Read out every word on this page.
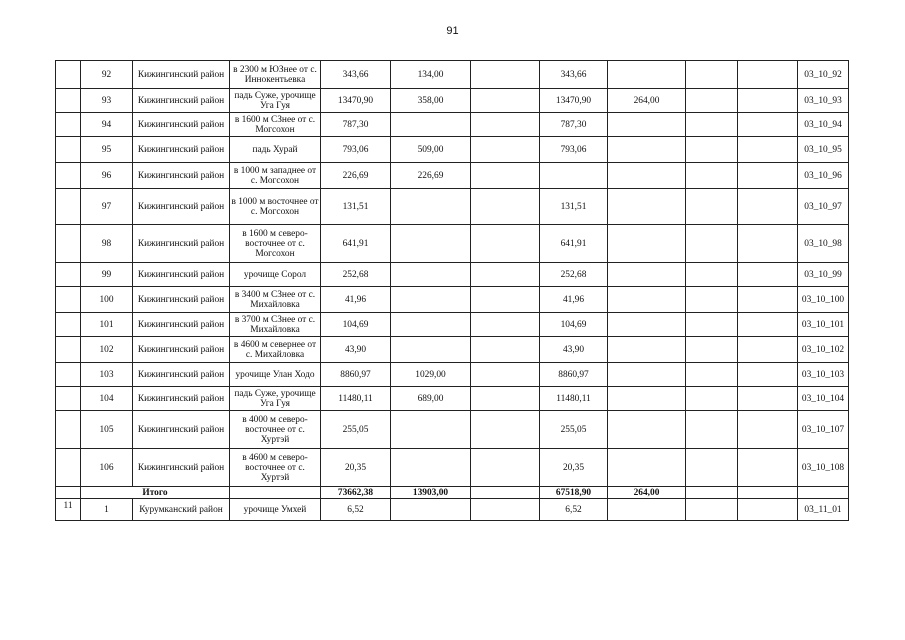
91
	92	Кижингинский район	в 2300 м ЮЗнее от с. Иннокентьевка	343,66	134,00		343,66				03_10_92
	93	Кижингинский район	падь Суже, урочище Уга Гуя	13470,90	358,00		13470,90	264,00			03_10_93
	94	Кижингинский район	в 1600 м СЗнее от с. Могсохон	787,30			787,30				03_10_94
	95	Кижингинский район	падь Хурай	793,06	509,00		793,06				03_10_95
	96	Кижингинский район	в 1000 м западнее от с. Могсохон	226,69	226,69						03_10_96
	97	Кижингинский район	в 1000 м восточнее от с. Могсохон	131,51			131,51				03_10_97
	98	Кижингинский район	в 1600 м северо-восточнее от с. Могсохон	641,91			641,91				03_10_98
	99	Кижингинский район	урочище Сорол	252,68			252,68				03_10_99
	100	Кижингинский район	в 3400 м СЗнее от с. Михайловка	41,96			41,96				03_10_100
	101	Кижингинский район	в 3700 м СЗнее от с. Михайловка	104,69			104,69				03_10_101
	102	Кижингинский район	в 4600 м севернее от с. Михайловка	43,90			43,90				03_10_102
	103	Кижингинский район	урочище Улан Ходо	8860,97	1029,00		8860,97				03_10_103
	104	Кижингинский район	падь Суже, урочище Уга Гуя	11480,11	689,00		11480,11				03_10_104
	105	Кижингинский район	в 4000 м северо-восточнее от с. Хуртэй	255,05			255,05				03_10_107
	106	Кижингинский район	в 4600 м северо-восточнее от с. Хуртэй	20,35			20,35				03_10_108
	Итого			73662,38	13903,00		67518,90	264,00			
11	1	Курумканский район	урочище Умхей	6,52			6,52				03_11_01
